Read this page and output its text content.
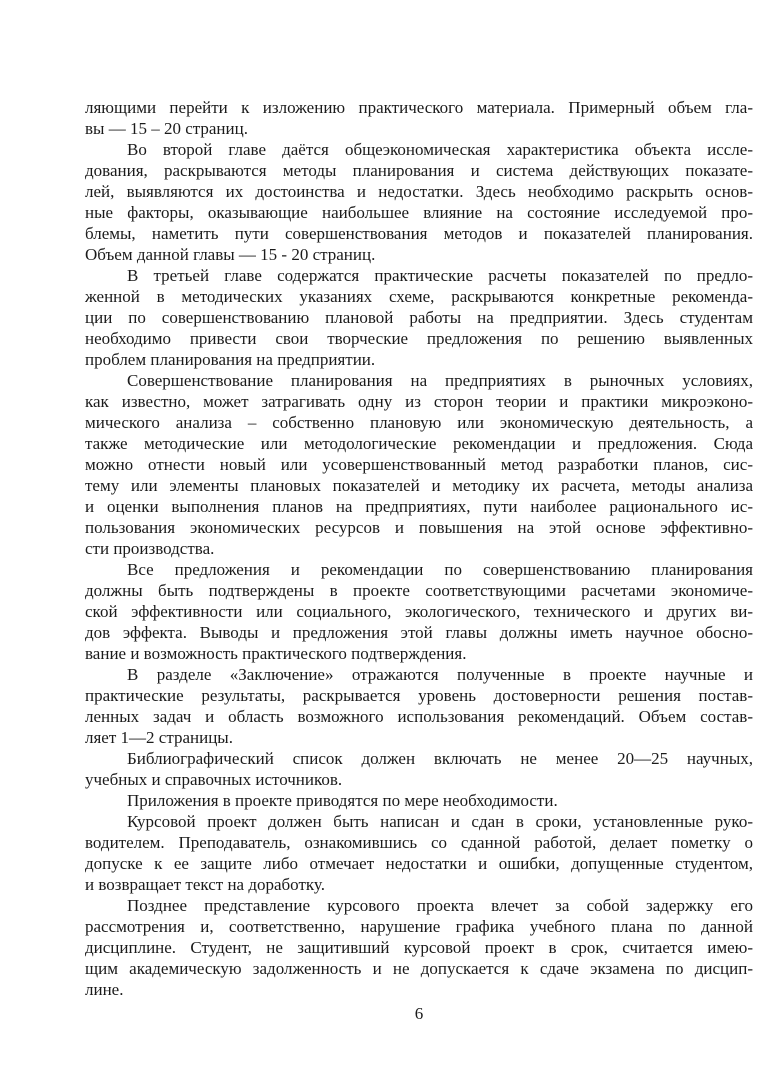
ляющими перейти к изложению практического материала. Примерный объем гла-
вы — 15 – 20 страниц.
Во второй главе даётся общеэкономическая характеристика объекта иссле-
дования, раскрываются методы планирования и система действующих показате-
лей, выявляются их достоинства и недостатки. Здесь необходимо раскрыть основ-
ные факторы, оказывающие наибольшее влияние на состояние исследуемой про-
блемы, наметить пути совершенствования методов и показателей планирования.
Объем данной главы — 15 - 20 страниц.
В третьей главе содержатся практические расчеты показателей по предло-
женной в методических указаниях схеме, раскрываются конкретные рекоменда-
ции по совершенствованию плановой работы на предприятии. Здесь студентам
необходимо привести свои творческие предложения по решению выявленных
проблем планирования на предприятии.
Совершенствование планирования на предприятиях в рыночных условиях,
как известно, может затрагивать одну из сторон теории и практики микроэконо-
мического анализа – собственно плановую или экономическую деятельность, а
также методические или методологические рекомендации и предложения. Сюда
можно отнести новый или усовершенствованный метод разработки планов, сис-
тему или элементы плановых показателей и методику их расчета, методы анализа
и оценки выполнения планов на предприятиях, пути наиболее рационального ис-
пользования экономических ресурсов и повышения на этой основе эффективно-
сти производства.
Все предложения и рекомендации по совершенствованию планирования
должны быть подтверждены в проекте соответствующими расчетами экономиче-
ской эффективности или социального, экологического, технического и других ви-
дов эффекта. Выводы и предложения этой главы должны иметь научное обосно-
вание и возможность практического подтверждения.
В разделе «Заключение» отражаются полученные в проекте научные и
практические результаты, раскрывается уровень достоверности решения постав-
ленных задач и область возможного использования рекомендаций. Объем состав-
ляет 1—2 страницы.
Библиографический список должен включать не менее 20—25 научных,
учебных и справочных источников.
Приложения в проекте приводятся по мере необходимости.
Курсовой проект должен быть написан и сдан в сроки, установленные руко-
водителем. Преподаватель, ознакомившись со сданной работой, делает пометку о
допуске к ее защите либо отмечает недостатки и ошибки, допущенные студентом,
и возвращает текст на доработку.
Позднее представление курсового проекта влечет за собой задержку его
рассмотрения и, соответственно, нарушение графика учебного плана по данной
дисциплине. Студент, не защитивший курсовой проект в срок, считается имею-
щим академическую задолженность и не допускается к сдаче экзамена по дисцип-
лине.
6
